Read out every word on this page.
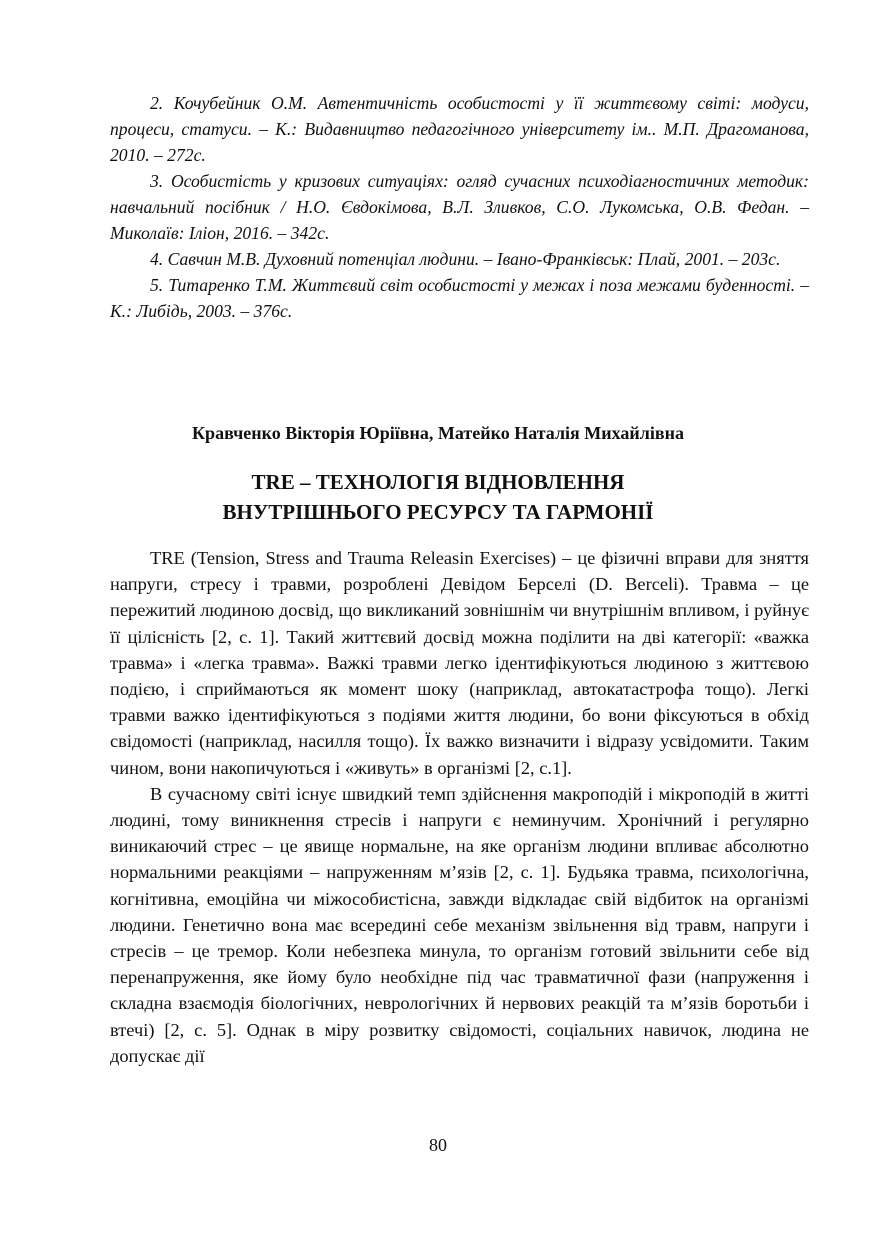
2. Кочубейник О.М. Автентичність особистості у її життєвому світі: модуси, процеси, статуси. – К.: Видавництво педагогічного університету ім.. М.П. Драгоманова, 2010. – 272с.

3. Особистість у кризових ситуаціях: огляд сучасних психодіагностичних методик: навчальний посібник / Н.О. Євдокімова, В.Л. Зливков, С.О. Лукомська, О.В. Федан. – Миколаїв: Іліон, 2016. – 342с.

4. Савчин М.В. Духовний потенціал людини. – Івано-Франківськ: Плай, 2001. – 203с.

5. Титаренко Т.М. Життєвий світ особистості у межах і поза межами буденності. – К.: Либідь, 2003. – 376с.

Кравченко Вікторія Юріївна, Матейко Наталія Михайлівна
TRE – ТЕХНОЛОГІЯ ВІДНОВЛЕННЯ
ВНУТРІШНЬОГО РЕСУРСУ ТА ГАРМОНІЇ

TRE (Tension, Stress and Trauma Releasin Exercises) – це фізичні вправи для зняття напруги, стресу і травми, розроблені Девідом Берселі (D. Berceli). Травма – це пережитий людиною досвід, що викликаний зовнішнім чи внутрішнім впливом, і руйнує її цілісність [2, с. 1]. Такий життєвий досвід можна поділити на дві категорії: «важка травма» і «легка травма». Важкі травми легко ідентифікуються людиною з життєвою подією, і сприймаються як момент шоку (наприклад, автокатастрофа тощо). Легкі травми важко ідентифікуються з подіями життя людини, бо вони фіксуються в обхід свідомості (наприклад, насилля тощо). Їх важко визначити і відразу усвідомити. Таким чином, вони накопичуються і «живуть» в організмі [2, с.1].

В сучасному світі існує швидкий темп здійснення макроподій і мікроподій в житті людині, тому виникнення стресів і напруги є неминучим. Хронічний і регулярно виникаючий стрес – це явище нормальне, на яке організм людини впливає абсолютно нормальними реакціями – напруженням м’язів [2, с. 1]. Будьяка травма, психологічна, когнітивна, емоційна чи міжособистісна, завжди відкладає свій відбиток на організмі людини. Генетично вона має всередині себе механізм звільнення від травм, напруги і стресів – це тремор. Коли небезпека минула, то організм готовий звільнити себе від перенапруження, яке йому було необхідне під час травматичної фази (напруження і складна взаємодія біологічних, неврологічних й нервових реакцій та м’язів боротьби і втечі) [2, с. 5]. Однак в міру розвитку свідомості, соціальних навичок, людина не допускає дії

80
